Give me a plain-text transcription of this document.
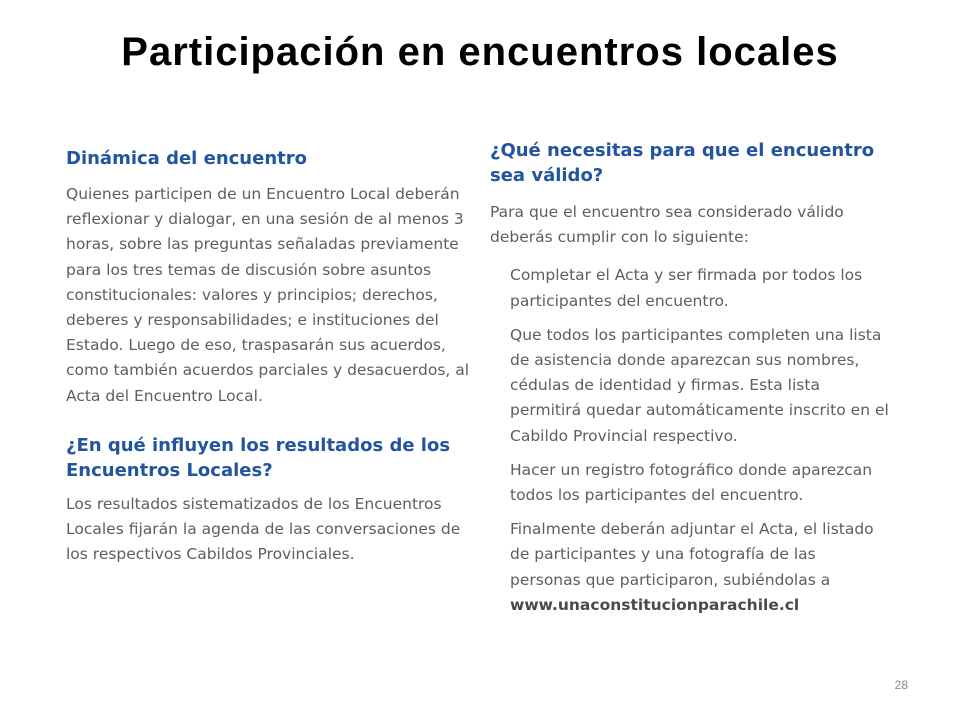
Participación en encuentros locales
Dinámica del encuentro

Quienes participen de un Encuentro Local deberán reflexionar y dialogar, en una sesión de al menos 3 horas, sobre las preguntas señaladas previamente para los tres temas de discusión sobre asuntos constitucionales: valores y principios; derechos, deberes y responsabilidades; e instituciones del Estado. Luego de eso, traspasarán sus acuerdos, como también acuerdos parciales y desacuerdos, al Acta del Encuentro Local.

¿En qué influyen los resultados de los Encuentros Locales?

Los resultados sistematizados de los Encuentros Locales fijarán la agenda de las conversaciones de los respectivos Cabildos Provinciales.

¿Qué necesitas para que el encuentro sea válido?

Para que el encuentro sea considerado válido deberás cumplir con lo siguiente:

Completar el Acta y ser firmada por todos los participantes del encuentro.
Que todos los participantes completen una lista de asistencia donde aparezcan sus nombres, cédulas de identidad y firmas. Esta lista permitirá quedar automáticamente inscrito en el Cabildo Provincial respectivo.
Hacer un registro fotográfico donde aparezcan todos los participantes del encuentro.
Finalmente deberán adjuntar el Acta, el listado de participantes y una fotografía de las personas que participaron, subiéndolas a www.unaconstitucionparachile.cl
28
